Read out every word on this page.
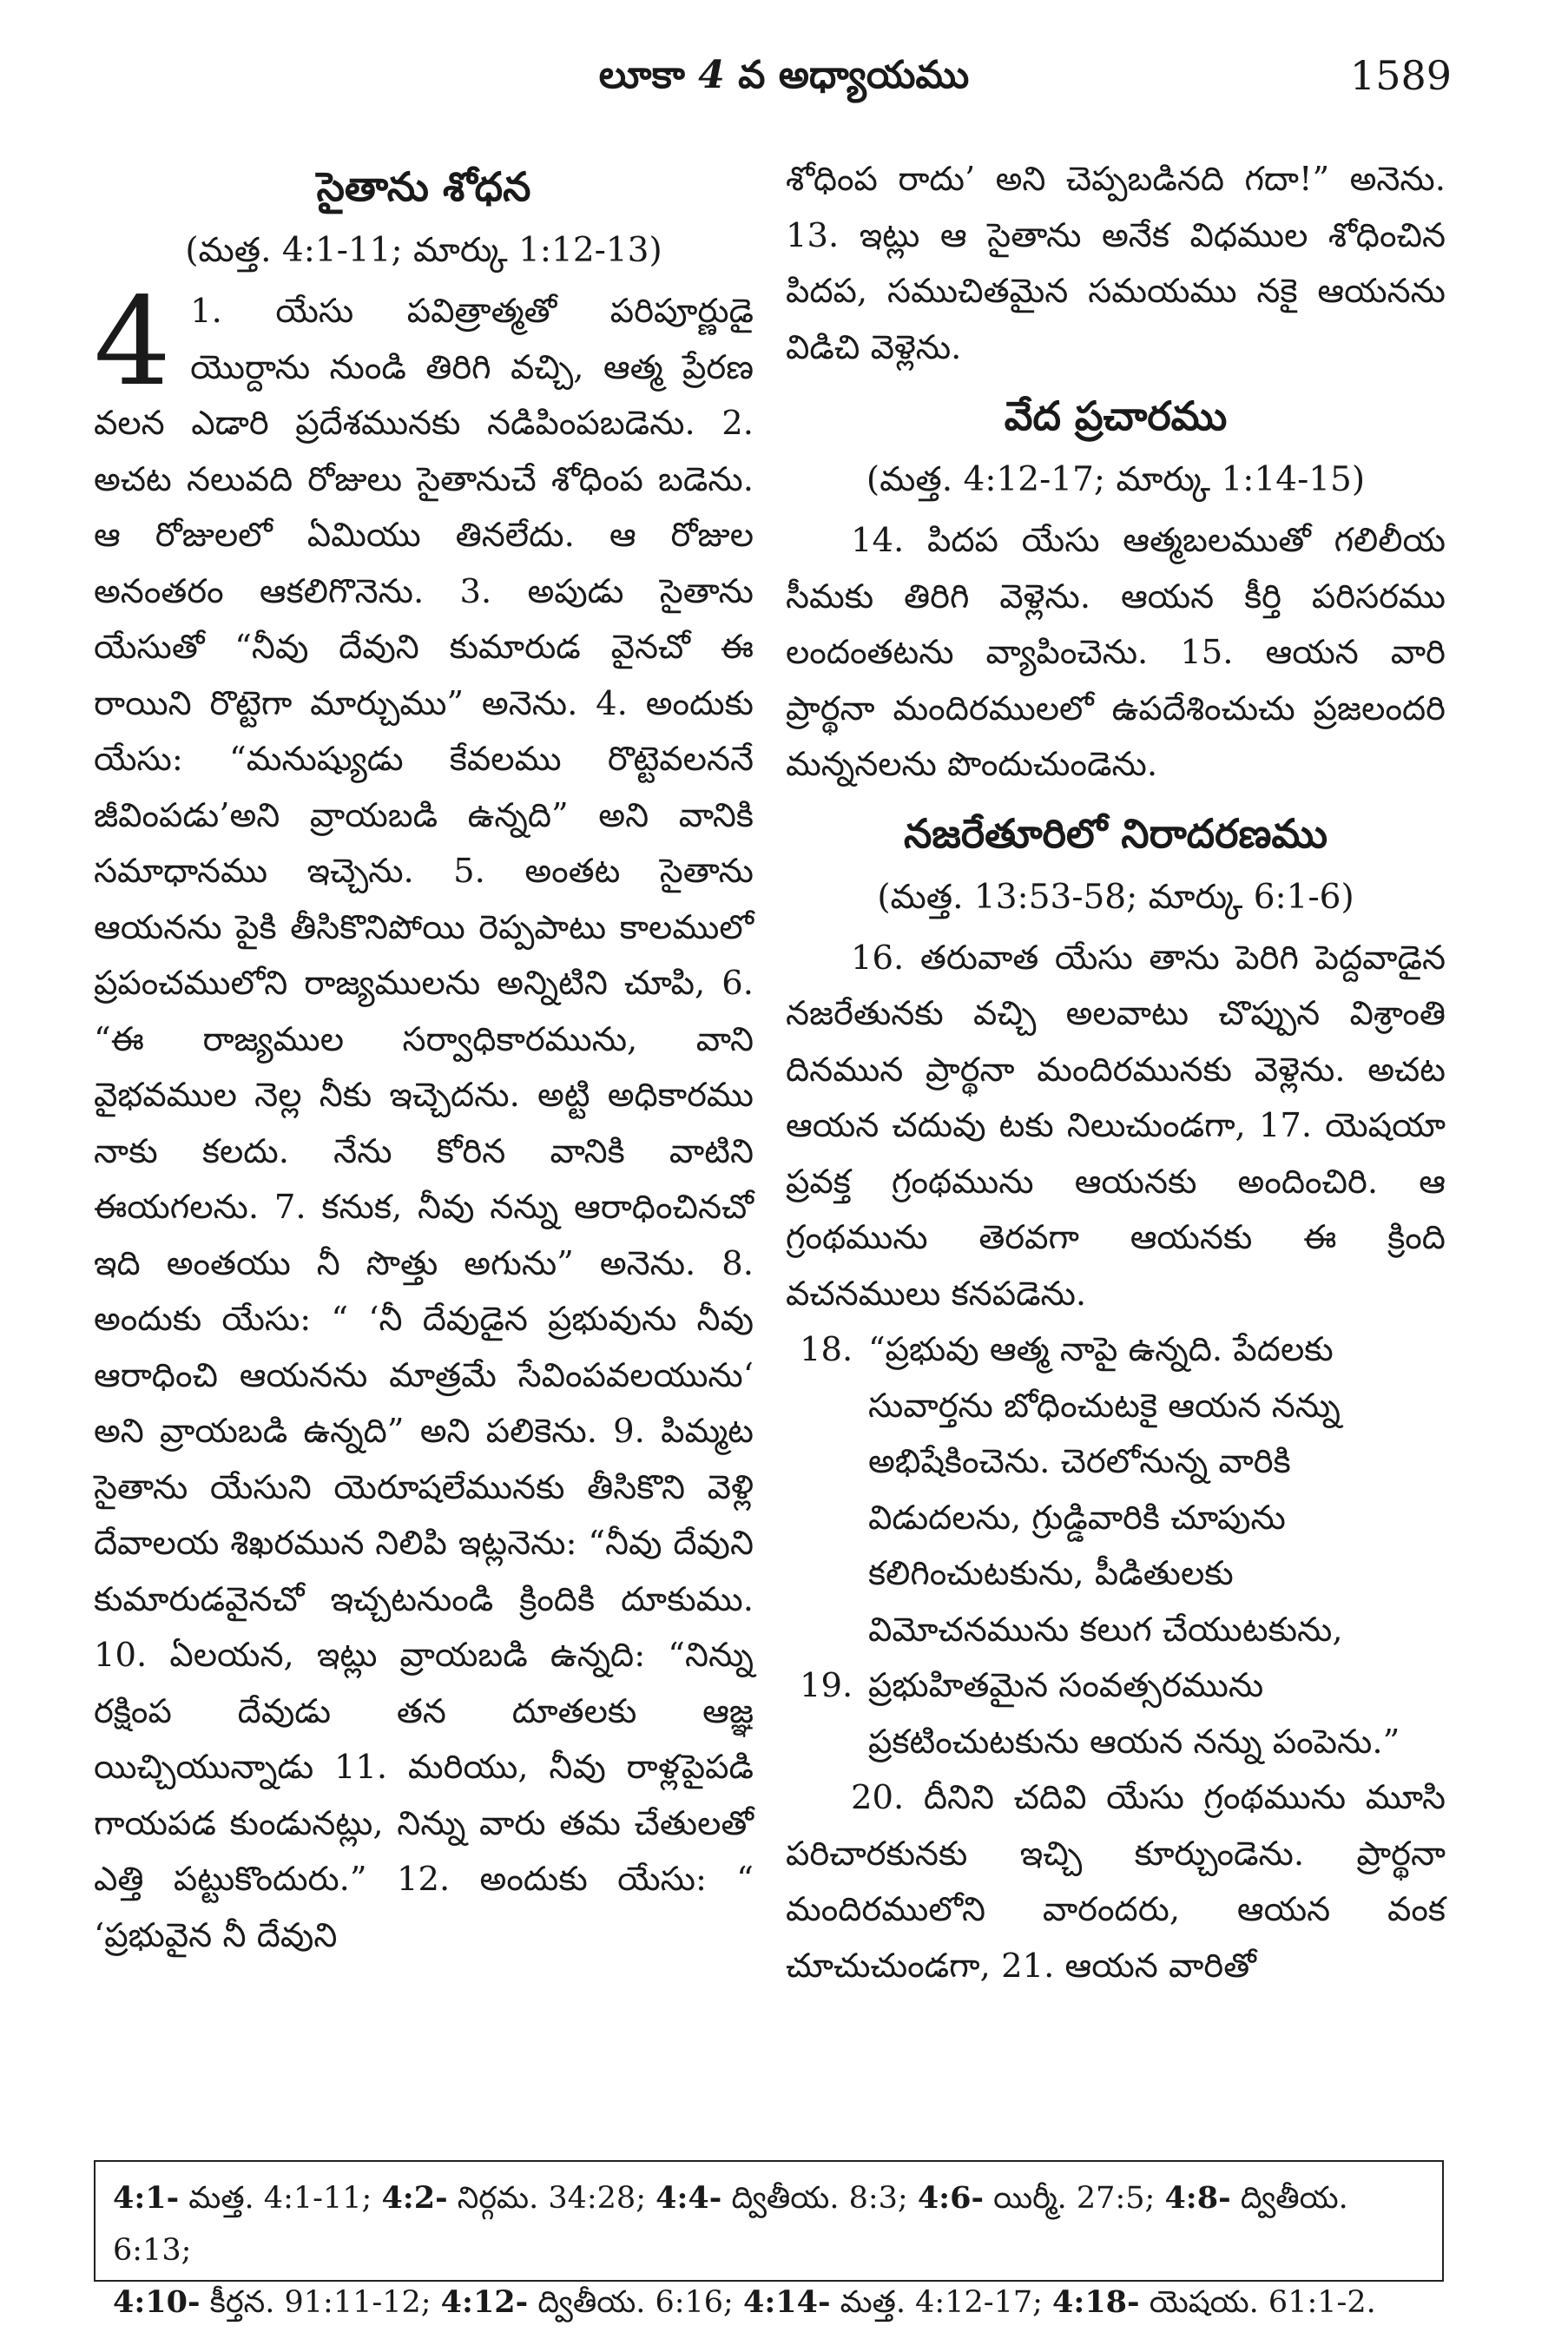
లూకా 4 వ అధ్యాయము	1589
సైతాను శోధన
(మత్త. 4:1-11; మార్కు 1:12-13)

4 1. యేసు పవిత్రాత్మతో పరిపూర్ణుడై యొర్దాను నుండి తిరిగి వచ్చి, ఆత్మ ప్రేరణ వలన ఎడారి ప్రదేశమునకు నడిపింపబడెను. 2. అచట నలువది రోజులు సైతానుచే శోధింప బడెను. ఆ రోజులలో ఏమియు తినలేదు. ఆ రోజుల అనంతరం ఆకలిగొనెను. 3. అపుడు సైతాను యేసుతో “నీవు దేవుని కుమారుడ వైనచో ఈ రాయిని రొట్టెగా మార్చుము” అనెను. 4. అందుకు యేసు: “మనుష్యుడు కేవలము రొట్టెవలననే జీవింపడు’అని వ్రాయబడి ఉన్నది” అని వానికి సమాధానము ఇచ్చెను. 5. అంతట సైతాను ఆయనను పైకి తీసికొనిపోయి రెప్పపాటు కాలములో ప్రపంచములోని రాజ్యములను అన్నిటిని చూపి, 6. “ఈ రాజ్యముల సర్వాధికారమును, వాని వైభవముల నెల్ల నీకు ఇచ్చెదను. అట్టి అధికారము నాకు కలదు. నేను కోరిన వానికి వాటిని ఈయగలను. 7. కనుక, నీవు నన్ను ఆరాధించినచో ఇది అంతయు నీ సొత్తు అగును” అనెను. 8. అందుకు యేసు: “ ‘నీ దేవుడైన ప్రభువును నీవు ఆరాధించి ఆయనను మాత్రమే సేవింపవలయును‘ అని వ్రాయబడి ఉన్నది” అని పలికెను. 9. పిమ్మట సైతాను యేసుని యెరూషలేమునకు తీసికొని వెళ్లి దేవాలయ శిఖరమున నిలిపి ఇట్లనెను: “నీవు దేవుని కుమారుడవైనచో ఇచ్చటనుండి క్రిందికి దూకుము. 10. ఏలయన, ఇట్లు వ్రాయబడి ఉన్నది: “నిన్ను రక్షింప దేవుడు తన దూతలకు ఆజ్ఞ యిచ్చియున్నాడు 11. మరియు, నీవు రాళ్లపైపడి గాయపడ కుండునట్లు, నిన్ను వారు తమ చేతులతో ఎత్తి పట్టుకొందురు.” 12. అందుకు యేసు: “ ‘ప్రభువైన నీ దేవుని

శోధింప రాదు’ అని చెప్పబడినది గదా!” అనెను. 13. ఇట్లు ఆ సైతాను అనేక విధముల శోధించిన పిదప, సముచితమైన సమయము నకై ఆయనను విడిచి వెళ్లెను.

వేద ప్రచారము
(మత్త. 4:12-17; మార్కు 1:14-15)

14. పిదప యేసు ఆత్మబలముతో గలిలీయ సీమకు తిరిగి వెళ్లెను. ఆయన కీర్తి పరిసరము లందంతటను వ్యాపించెను. 15. ఆయన వారి ప్రార్థనా మందిరములలో ఉపదేశించుచు ప్రజలందరి మన్ననలను పొందుచుండెను.

నజరేతూరిలో నిరాదరణము
(మత్త. 13:53-58; మార్కు 6:1-6)

16. తరువాత యేసు తాను పెరిగి పెద్దవాడైన నజరేతునకు వచ్చి అలవాటు చొప్పున విశ్రాంతి దినమున ప్రార్థనా మందిరమునకు వెళ్లెను. అచట ఆయన చదువు టకు నిలుచుండగా, 17. యెషయా ప్రవక్త గ్రంథమును ఆయనకు అందించిరి. ఆ గ్రంథమును తెరవగా ఆయనకు ఈ క్రింది వచనములు కనపడెను.

18. “ప్రభువు ఆత్మ నాపై ఉన్నది. పేదలకు
సువార్తను బోధించుటకై ఆయన నన్ను
అభిషేకించెను. చెరలోనున్న వారికి
విడుదలను, గ్రుడ్డివారికి చూపును
కలిగించుటకును, పీడితులకు
విమోచనమును కలుగ చేయుటకును,
19. ప్రభుహితమైన సంవత్సరమును
ప్రకటించుటకును ఆయన నన్ను పంపెను.”

20. దీనిని చదివి యేసు గ్రంథమును మూసి పరిచారకునకు ఇచ్చి కూర్చుండెను. ప్రార్థనా మందిరములోని వారందరు, ఆయన వంక చూచుచుండగా, 21. ఆయన వారితో

4:1- మత్త. 4:1-11; 4:2- నిర్గమ. 34:28; 4:4- ద్వితీయ. 8:3; 4:6- యిర్మీ. 27:5; 4:8- ద్వితీయ. 6:13;
4:10- కీర్తన. 91:11-12; 4:12- ద్వితీయ. 6:16; 4:14- మత్త. 4:12-17; 4:18- యెషయ. 61:1-2.
